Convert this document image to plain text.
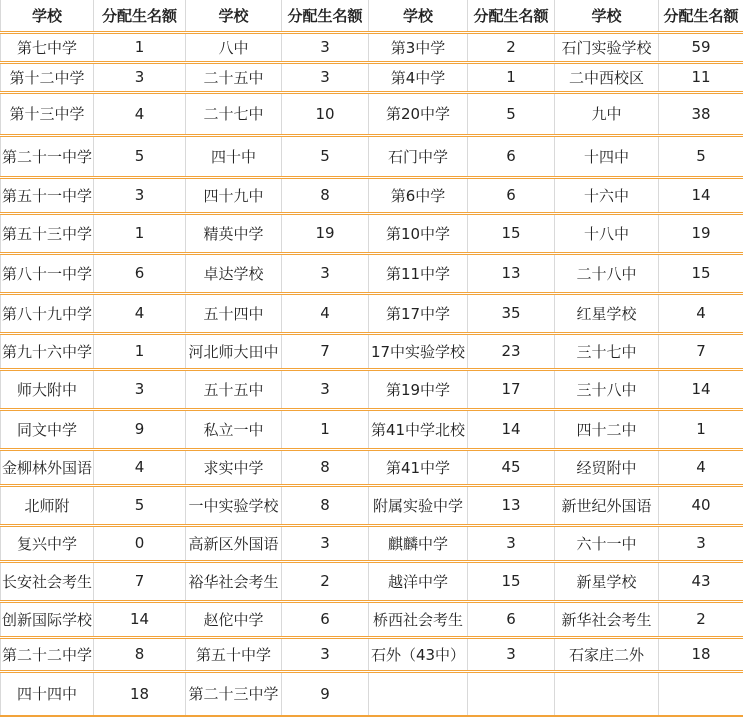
学校	分配生名额	学校	分配生名额	学校	分配生名额	学校	分配生名额
第七中学	1	八中	3	第3中学	2	石门实验学校	59
第十二中学	3	二十五中	3	第4中学	1	二中西校区	11
第十三中学	4	二十七中	10	第20中学	5	九中	38
第二十一中学	5	四十中	5	石门中学	6	十四中	5
第五十一中学	3	四十九中	8	第6中学	6	十六中	14
第五十三中学	1	精英中学	19	第10中学	15	十八中	19
第八十一中学	6	卓达学校	3	第11中学	13	二十八中	15
第八十九中学	4	五十四中	4	第17中学	35	红星学校	4
第九十六中学	1	河北师大田中	7	17中实验学校	23	三十七中	7
师大附中	3	五十五中	3	第19中学	17	三十八中	14
同文中学	9	私立一中	1	第41中学北校	14	四十二中	1
金柳林外国语	4	求实中学	8	第41中学	45	经贸附中	4
北师附	5	一中实验学校	8	附属实验中学	13	新世纪外国语	40
复兴中学	0	高新区外国语	3	麒麟中学	3	六十一中	3
长安社会考生	7	裕华社会考生	2	越洋中学	15	新星学校	43
创新国际学校	14	赵佗中学	6	桥西社会考生	6	新华社会考生	2
第二十二中学	8	第五十中学	3	石外（43中）	3	石家庄二外	18
四十四中	18	第二十三中学	9				
